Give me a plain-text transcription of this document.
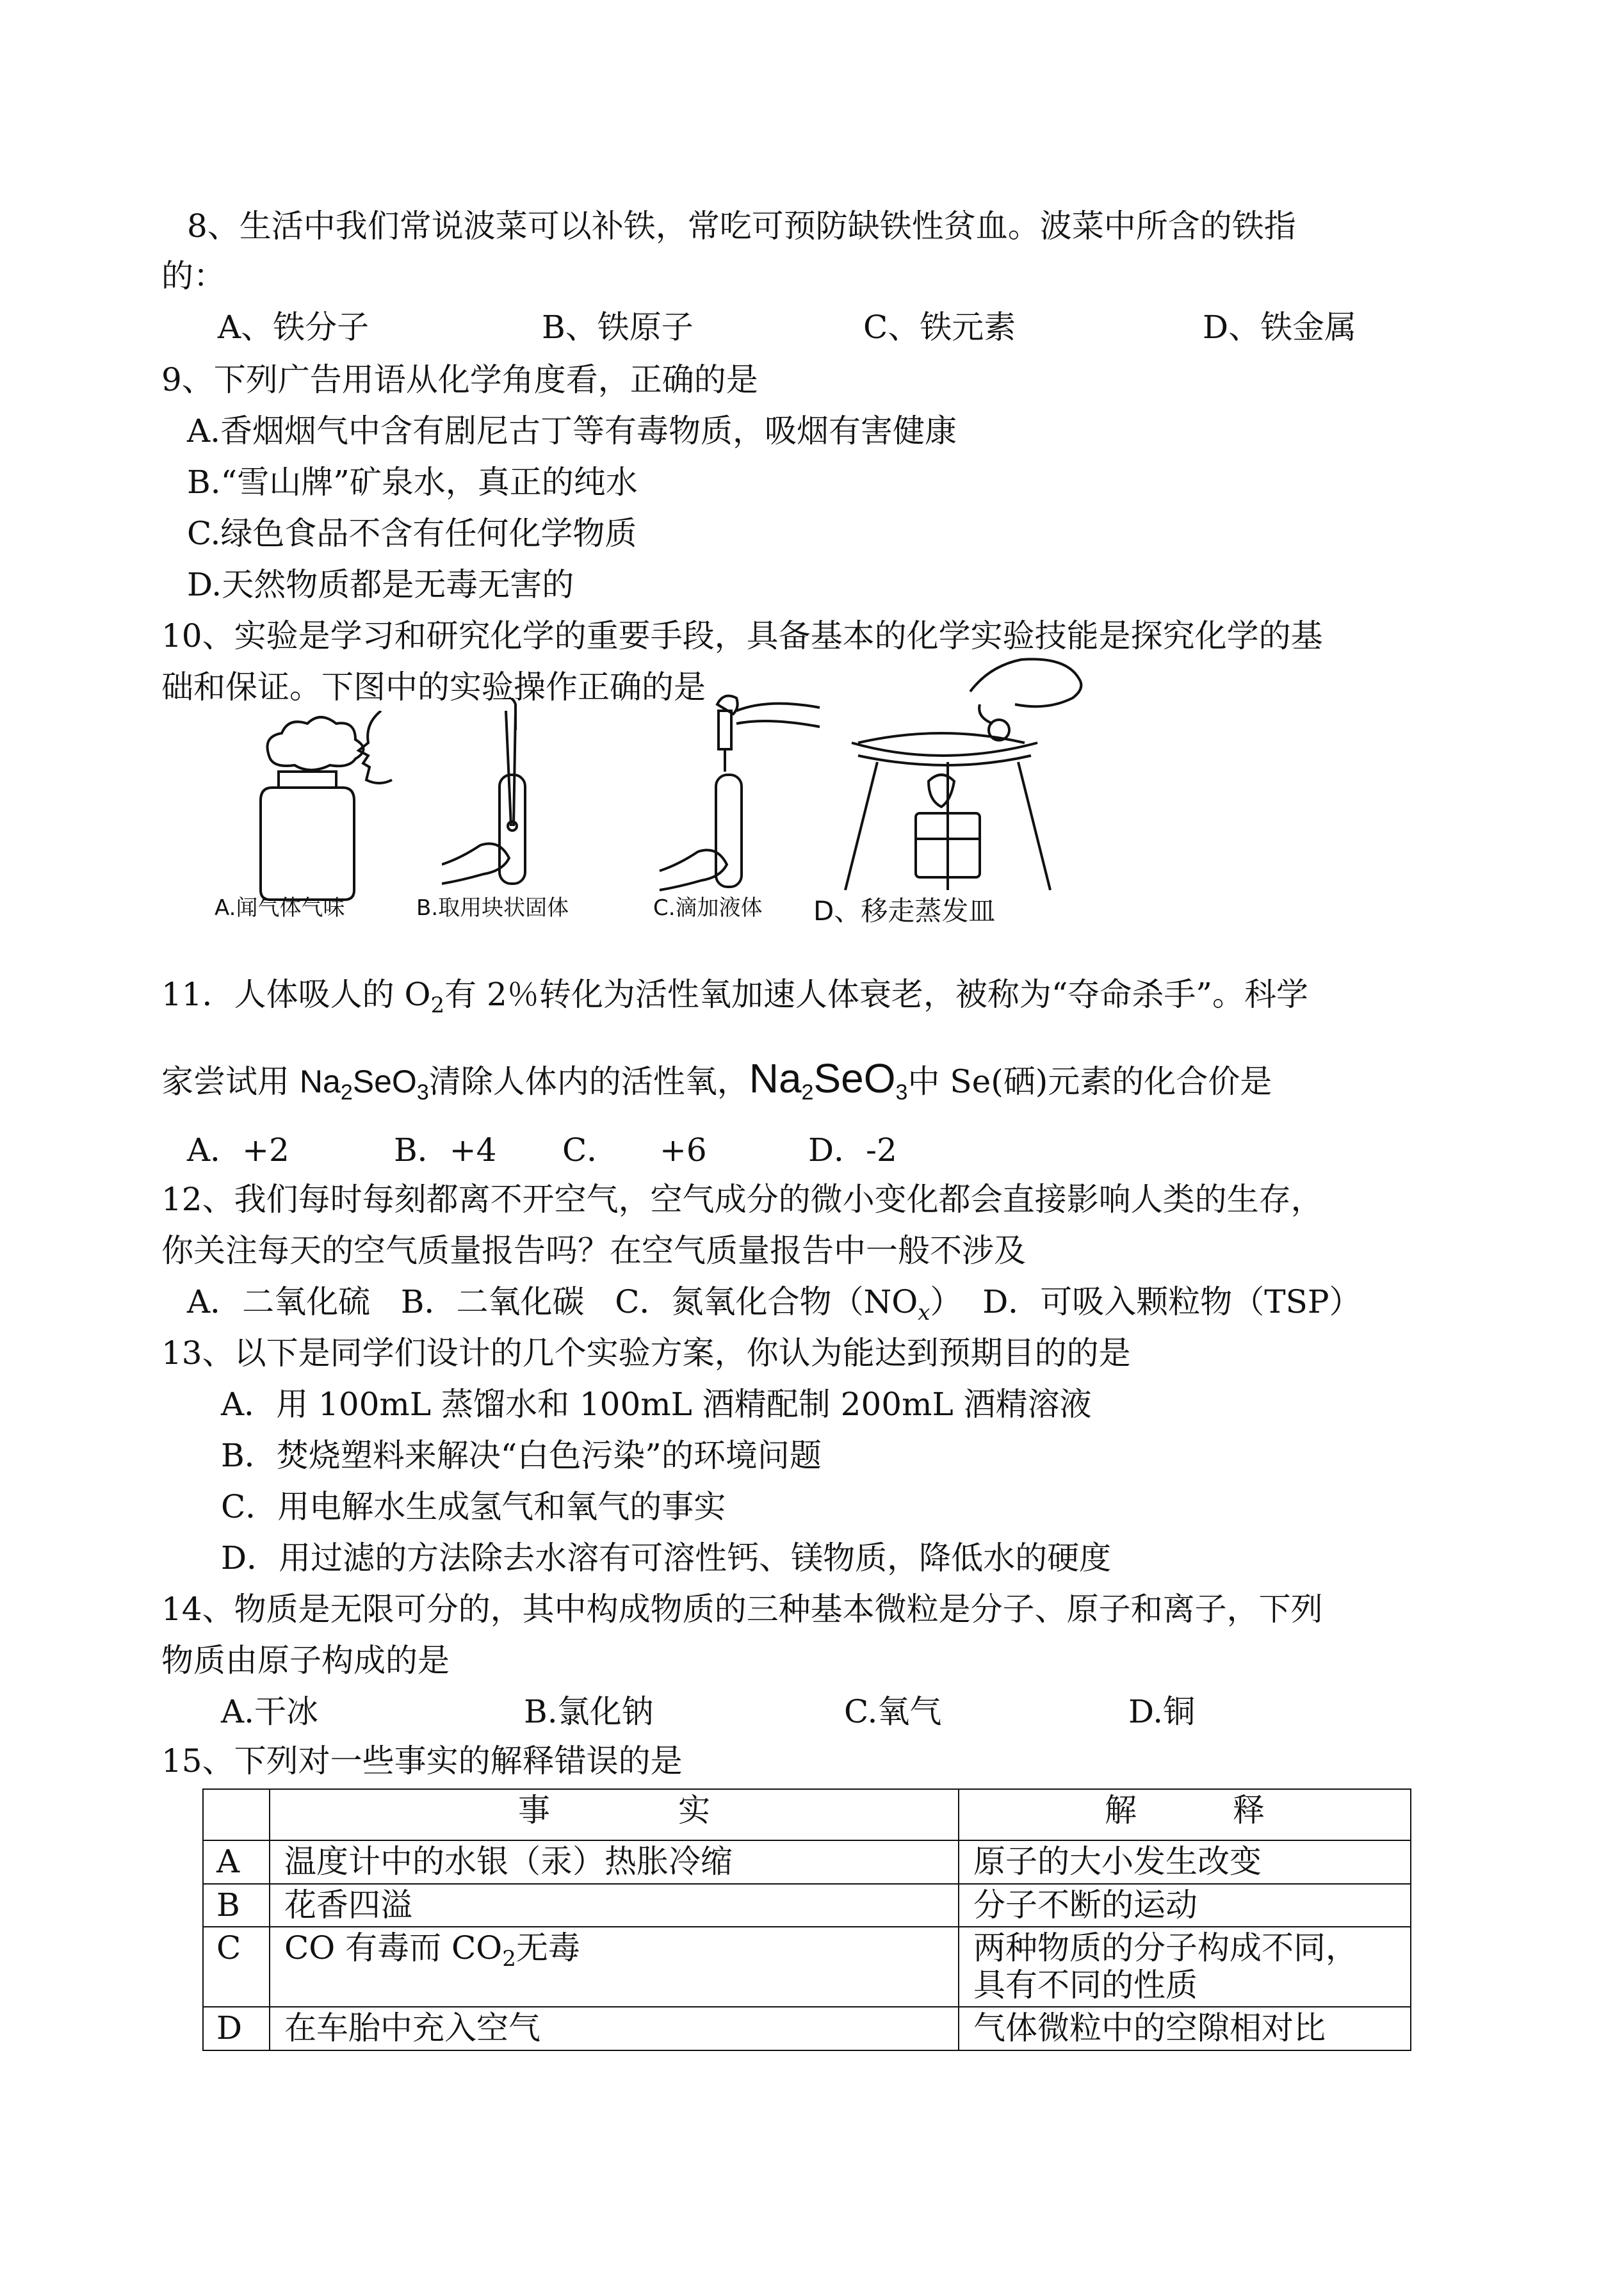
8、生活中我们常说波菜可以补铁，常吃可预防缺铁性贫血。波菜中所含的铁指
的：
A、铁分子	B、铁原子	C、铁元素	D、铁金属
9、下列广告用语从化学角度看，正确的是
A.香烟烟气中含有剧尼古丁等有毒物质，吸烟有害健康
B.“雪山牌”矿泉水，真正的纯水
C.绿色食品不含有任何化学物质
D.天然物质都是无毒无害的
10、实验是学习和研究化学的重要手段，具备基本的化学实验技能是探究化学的基
础和保证。下图中的实验操作正确的是
A.闻气体气味	B.取用块状固体	C.滴加液体 D、移走蒸发皿
11．人体吸人的 $O_2$有 2％转化为活性氧加速人体衰老，被称为“夺命杀手”。科学
家尝试用 $Na_2SeO_3$清除人体内的活性氧，$Na_2SeO_3$中 Se(硒)元素的化合价是
A．+2	B．+4 C． +6	D．-2
12、我们每时每刻都离不开空气，空气成分的微小变化都会直接影响人类的生存，
你关注每天的空气质量报告吗？在空气质量报告中一般不涉及
A．二氧化硫 B．二氧化碳 C．氮氧化合物$(NO_x)$ D．可吸入颗粒物（TSP）
13、以下是同学们设计的几个实验方案，你认为能达到预期目的的是
A．用 100mL 蒸馏水和 100mL 酒精配制 200mL 酒精溶液
B．焚烧塑料来解决“白色污染”的环境问题
C．用电解水生成氢气和氧气的事实
D．用过滤的方法除去水溶有可溶性钙、镁物质，降低水的硬度
14、物质是无限可分的，其中构成物质的三种基本微粒是分子、原子和离子，下列
物质由原子构成的是
A.干冰	B.氯化钠	C.氧气	D.铜
15、下列对一些事实的解释错误的是
	事　　　　实	解　　　释
A	温度计中的水银（汞）热胀冷缩	原子的大小发生改变
B	花香四溢	分子不断的运动
C	CO 有毒而 $CO_2$无毒	两种物质的分子构成不同，
具有不同的性质

D	在车胎中充入空气	气体微粒中的空隙相对比
